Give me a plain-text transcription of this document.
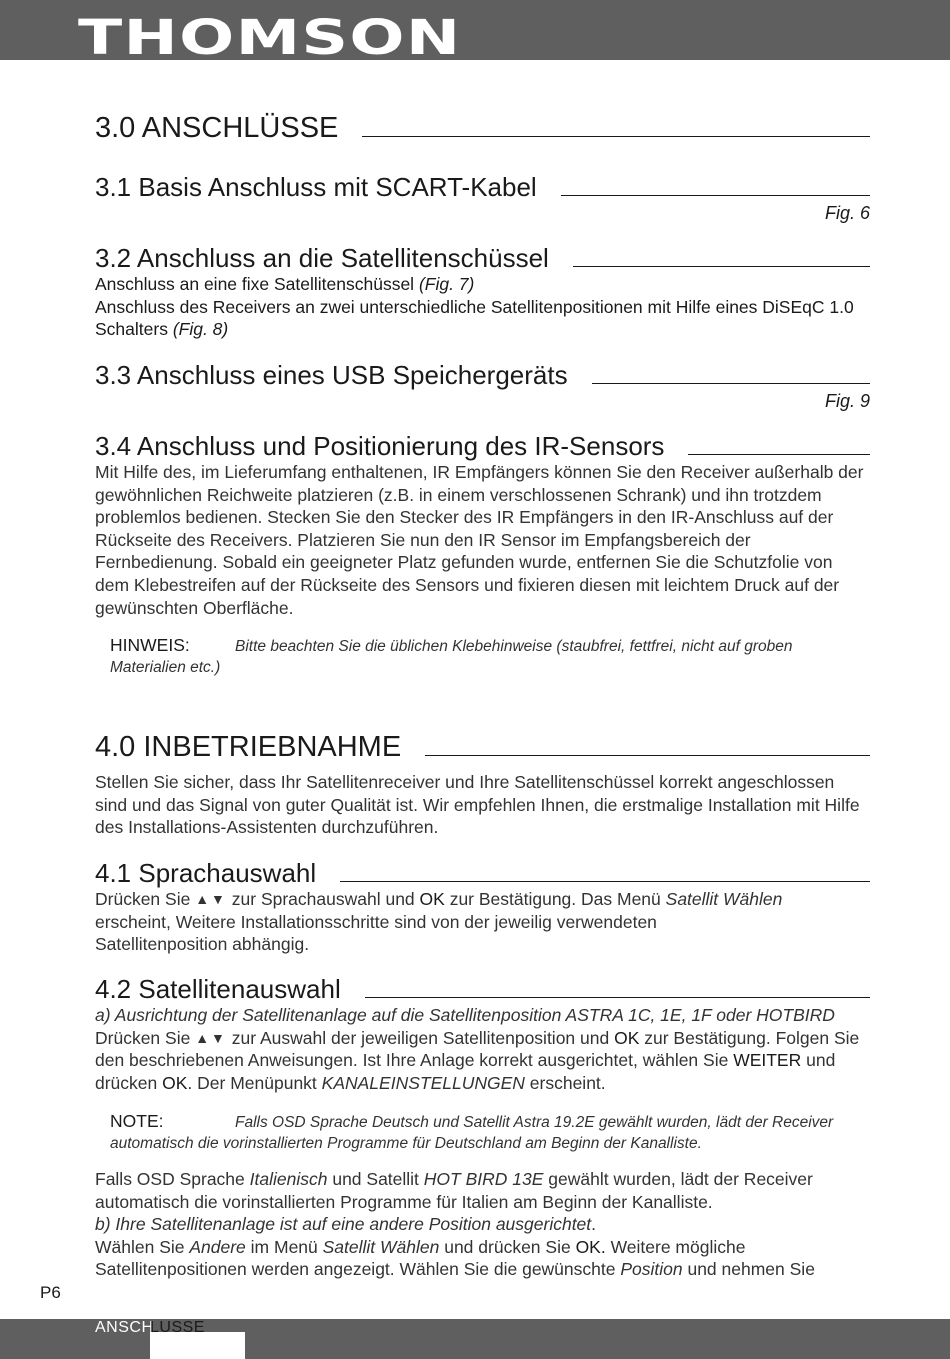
THOMSON
3.0 ANSCHLÜSSE
3.1 Basis Anschluss mit SCART-Kabel
Fig. 6
3.2 Anschluss an die Satellitenschüssel

Anschluss an eine fixe Satellitenschüssel (Fig. 7)
Anschluss des Receivers an zwei unterschiedliche Satellitenpositionen mit Hilfe eines DiSEqC 1.0 Schalters (Fig. 8)

3.3 Anschluss eines USB Speichergeräts
Fig. 9
3.4 Anschluss und Positionierung des IR-Sensors

Mit Hilfe des, im Lieferumfang enthaltenen, IR Empfängers können Sie den Receiver außerhalb der gewöhnlichen Reichweite platzieren (z.B. in einem verschlossenen Schrank) und ihn trotzdem problemlos bedienen. Stecken Sie den Stecker des IR Empfängers in den IR-Anschluss auf der Rückseite des Receivers. Platzieren Sie nun den IR Sensor im Empfangsbereich der Fernbedienung. Sobald ein geeigneter Platz gefunden wurde, entfernen Sie die Schutzfolie von dem Klebestreifen auf der Rückseite des Sensors und fixieren diesen mit leichtem Druck auf der gewünschten Oberfläche.

HINWEIS:	Bitte beachten Sie die üblichen Klebehinweise (staubfrei, fettfrei, nicht auf groben Materialien etc.)
4.0 INBETRIEBNAHME

Stellen Sie sicher, dass Ihr Satellitenreceiver und Ihre Satellitenschüssel korrekt angeschlossen sind und das Signal von guter Qualität ist. Wir empfehlen Ihnen, die erstmalige Installation mit Hilfe des Installations-Assistenten durchzuführen.

4.1 Sprachauswahl

Drücken Sie ▲▼ zur Sprachauswahl und OK zur Bestätigung. Das Menü Satellit Wählen erscheint, Weitere Installationsschritte sind von der jeweilig verwendeten Satellitenposition abhängig.

4.2 Satellitenauswahl

a) Ausrichtung der Satellitenanlage auf die Satellitenposition ASTRA 1C, 1E, 1F oder HOTBIRD
Drücken Sie ▲▼ zur Auswahl der jeweiligen Satellitenposition und OK zur Bestätigung. Folgen Sie den beschriebenen Anweisungen. Ist Ihre Anlage korrekt ausgerichtet, wählen Sie WEITER und drücken OK. Der Menüpunkt KANALEINSTELLUNGEN erscheint.

NOTE:	Falls OSD Sprache Deutsch und Satellit Astra 19.2E gewählt wurden, lädt der Receiver automatisch die vorinstallierten Programme für Deutschland am Beginn der Kanalliste.

Falls OSD Sprache Italienisch und Satellit HOT BIRD 13E gewählt wurden, lädt der Receiver automatisch die vorinstallierten Programme für Italien am Beginn der Kanalliste.
b) Ihre Satellitenanlage ist auf eine andere Position ausgerichtet.
Wählen Sie Andere im Menü Satellit Wählen und drücken Sie OK. Weitere mögliche Satellitenpositionen werden angezeigt. Wählen Sie die gewünschte Position und nehmen Sie

P6

ANSCH
LUSSE
